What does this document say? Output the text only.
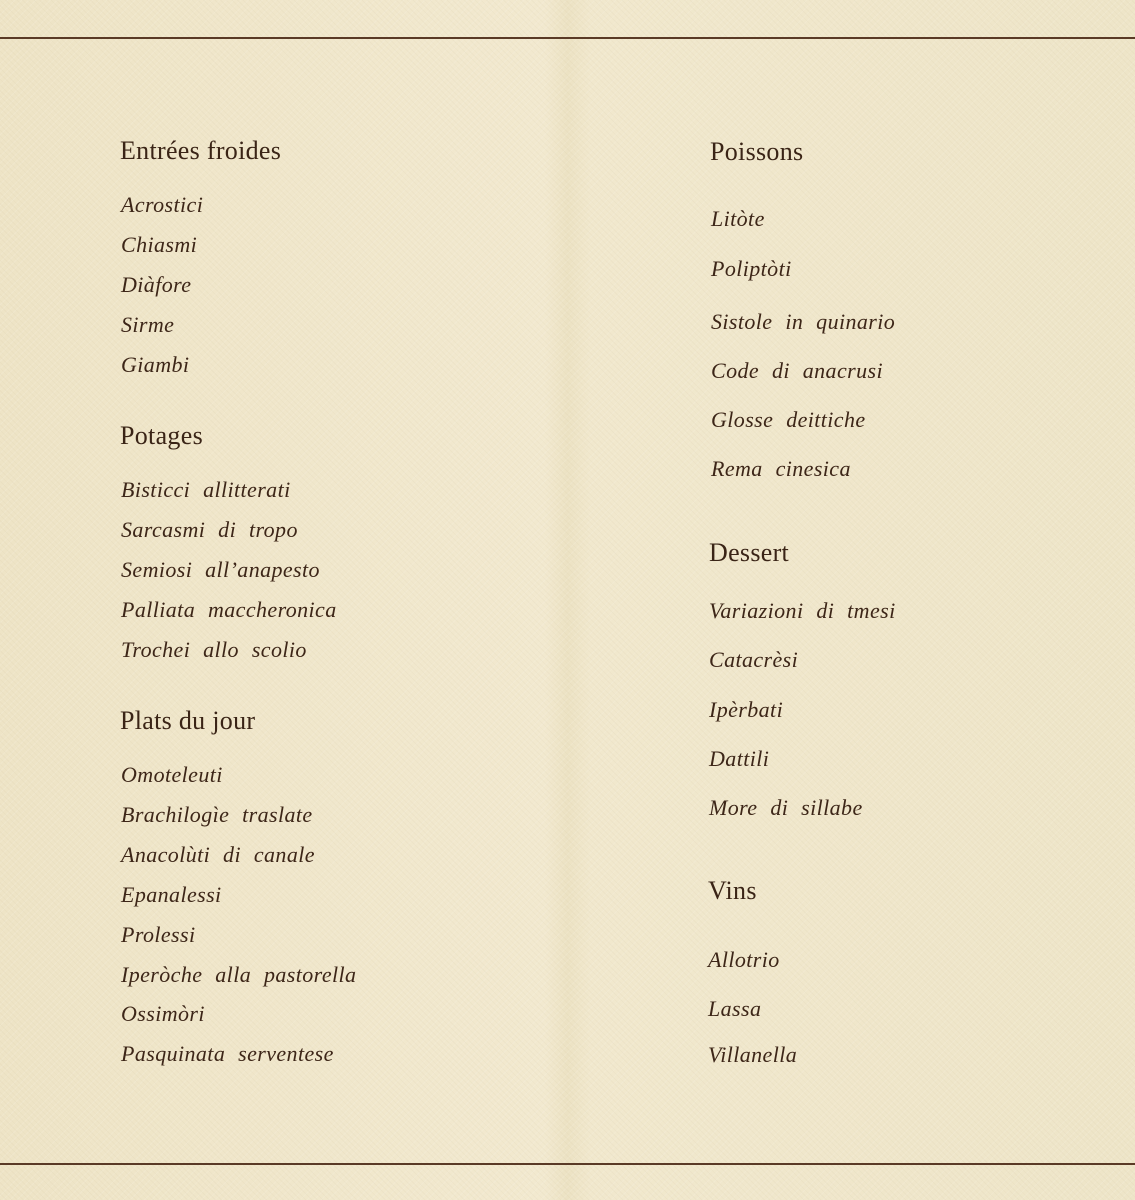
Entrées froides
Acrostici
Chiasmi
Diàfore
Sirme
Giambi
Potages
Bisticci allitterati
Sarcasmi di tropo
Semiosi all’anapesto
Palliata maccheronica
Trochei allo scolio
Plats du jour
Omoteleuti
Brachilogìe traslate
Anacolùti di canale
Epanalessi
Prolessi
Iperòche alla pastorella
Ossimòri
Pasquinata serventese
Poissons
Litòte
Poliptòti
Sistole in quinario
Code di anacrusi
Glosse deittiche
Rema cinesica
Dessert
Variazioni di tmesi
Catacrèsi
Ipèrbati
Dattili
More di sillabe
Vins
Allotrio
Lassa
Villanella
